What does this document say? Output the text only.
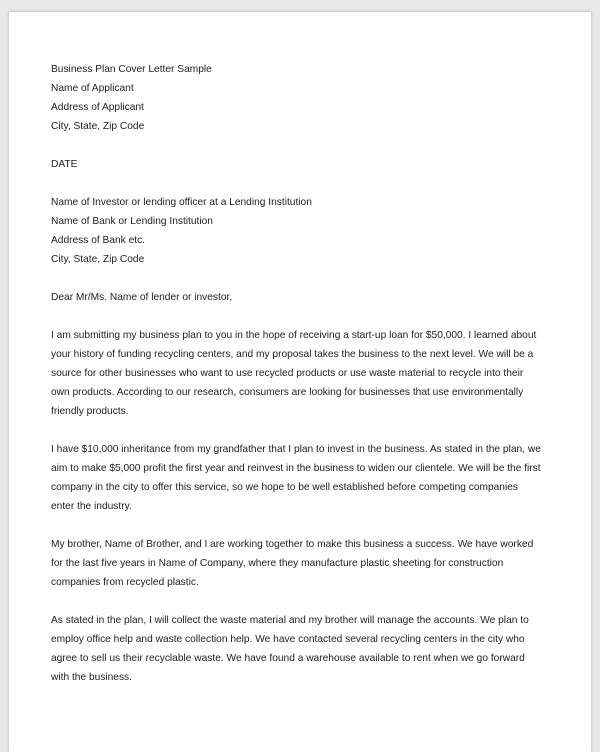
Business Plan Cover Letter Sample
Name of Applicant
Address of Applicant
City, State, Zip Code
DATE
Name of Investor or lending officer at a Lending Institution
Name of Bank or Lending Institution
Address of Bank etc.
City, State, Zip Code
Dear Mr/Ms. Name of lender or investor,
I am submitting my business plan to you in the hope of receiving a start-up loan for $50,000. I learned about
your history of funding recycling centers, and my proposal takes the business to the next level. We will be a
source for other businesses who want to use recycled products or use waste material to recycle into their
own products. According to our research, consumers are looking for businesses that use environmentally
friendly products.
I have $10,000 inheritance from my grandfather that I plan to invest in the business. As stated in the plan, we
aim to make $5,000 profit the first year and reinvest in the business to widen our clientele. We will be the first
company in the city to offer this service, so we hope to be well established before competing companies
enter the industry.
My brother, Name of Brother, and I are working together to make this business a success. We have worked
for the last five years in Name of Company, where they manufacture plastic sheeting for construction
companies from recycled plastic.
As stated in the plan, I will collect the waste material and my brother will manage the accounts. We plan to
employ office help and waste collection help. We have contacted several recycling centers in the city who
agree to sell us their recyclable waste. We have found a warehouse available to rent when we go forward
with the business.
